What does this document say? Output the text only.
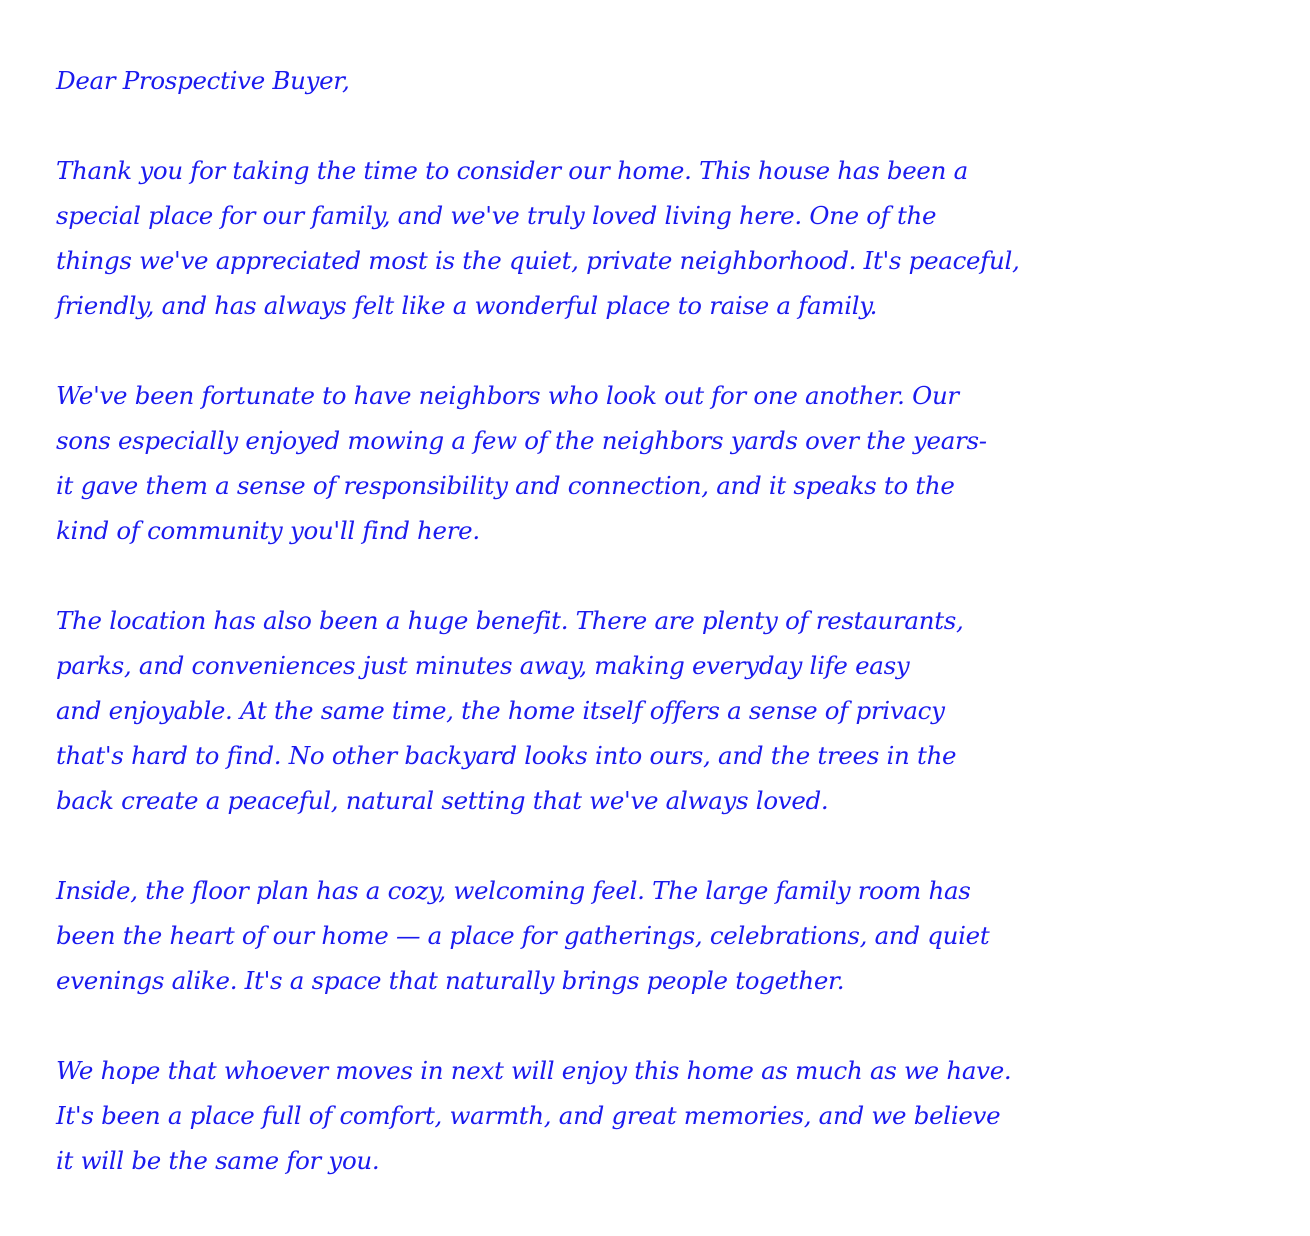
Dear Prospective Buyer,
Thank you for taking the time to consider our home. This house has been a
special place for our family, and we've truly loved living here. One of the
things we've appreciated most is the quiet, private neighborhood. It's peaceful,
friendly, and has always felt like a wonderful place to raise a family.
We've been fortunate to have neighbors who look out for one another. Our
sons especially enjoyed mowing a few of the neighbors yards over the years-
it gave them a sense of responsibility and connection, and it speaks to the
kind of community you'll find here.
The location has also been a huge benefit. There are plenty of restaurants,
parks, and conveniences just minutes away, making everyday life easy
and enjoyable. At the same time, the home itself offers a sense of privacy
that's hard to find. No other backyard looks into ours, and the trees in the
back create a peaceful, natural setting that we've always loved.
Inside, the floor plan has a cozy, welcoming feel. The large family room has
been the heart of our home — a place for gatherings, celebrations, and quiet
evenings alike. It's a space that naturally brings people together.
We hope that whoever moves in next will enjoy this home as much as we have.
It's been a place full of comfort, warmth, and great memories, and we believe
it will be the same for you.
